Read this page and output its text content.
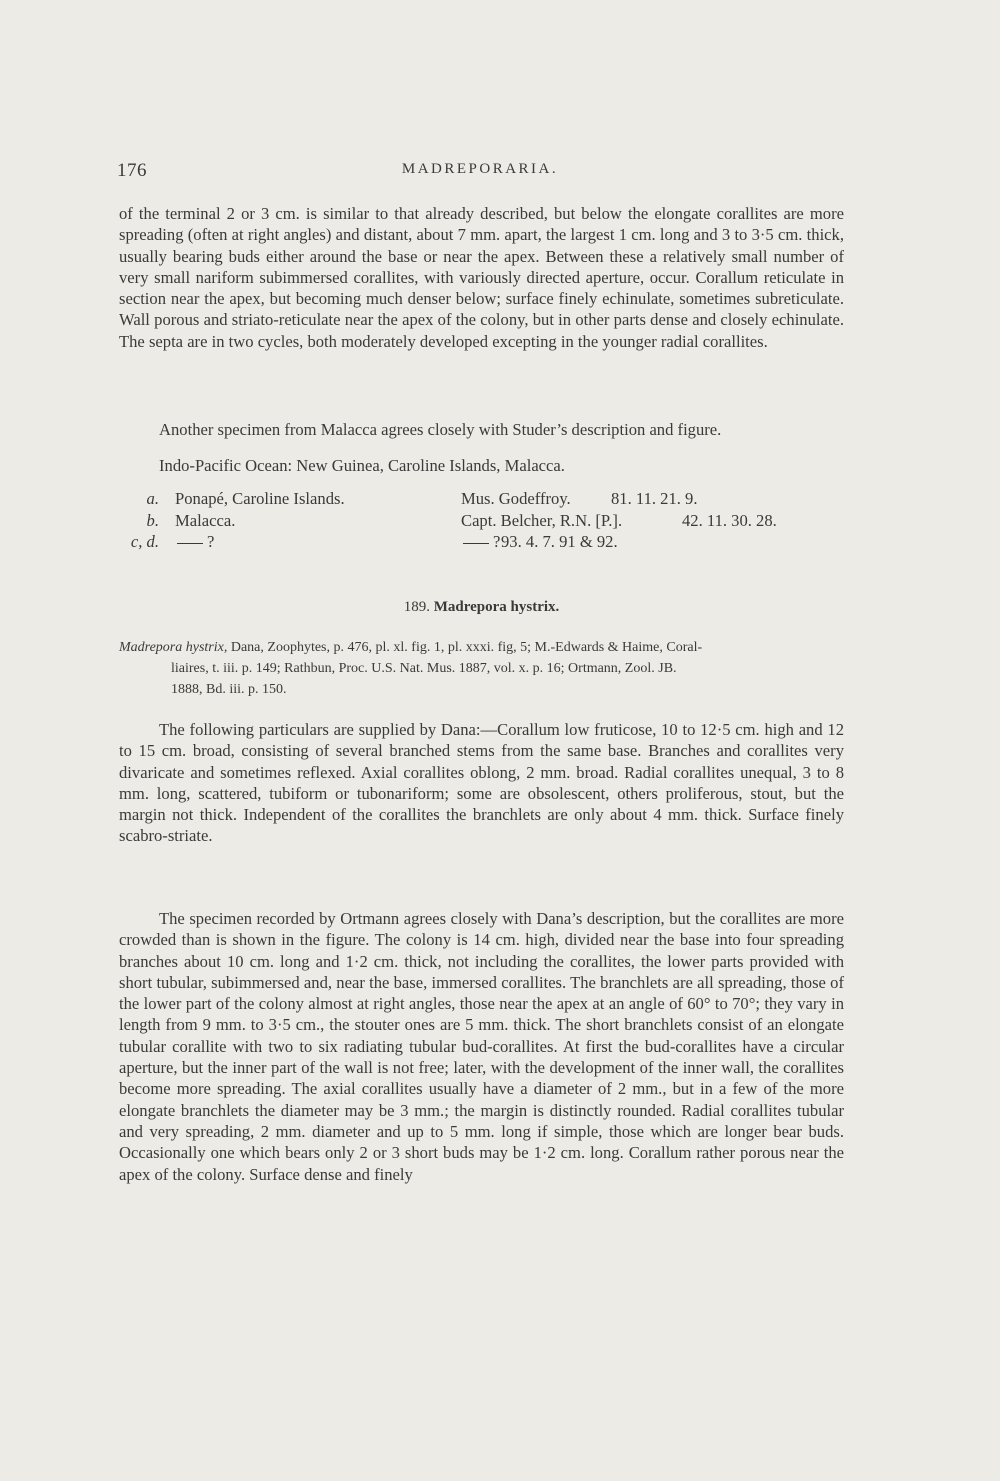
176	MADREPORARIA.

of the terminal 2 or 3 cm. is similar to that already described, but below the elongate corallites are more spreading (often at right angles) and distant, about 7 mm. apart, the largest 1 cm. long and 3 to 3·5 cm. thick, usually bearing buds either around the base or near the apex. Between these a relatively small number of very small nariform subimmersed corallites, with variously directed aperture, occur. Corallum reticulate in section near the apex, but becoming much denser below; surface finely echinulate, sometimes subreticulate. Wall porous and striato-reticulate near the apex of the colony, but in other parts dense and closely echinulate. The septa are in two cycles, both moderately developed excepting in the younger radial corallites.

Another specimen from Malacca agrees closely with Studer’s description and figure.

Indo-Pacific Ocean: New Guinea, Caroline Islands, Malacca.

a. Ponapé, Caroline Islands.	Mus. Godeffroy. 81. 11. 21. 9.
b. Malacca.	Capt. Belcher, R.N. [P.].	42. 11. 30. 28.
c, d.	?	? 93. 4. 7. 91 & 92.
189. Madrepora hystrix.
Madrepora hystrix, Dana, Zoophytes, p. 476, pl. xl. fig. 1, pl. xxxi. fig, 5; M.-Edwards & Haime, Coral-
liaires, t. iii. p. 149; Rathbun, Proc. U.S. Nat. Mus. 1887, vol. x. p. 16; Ortmann, Zool. JB.
1888, Bd. iii. p. 150.

The following particulars are supplied by Dana:—Corallum low fruticose, 10 to 12·5 cm. high and 12 to 15 cm. broad, consisting of several branched stems from the same base. Branches and corallites very divaricate and sometimes reflexed. Axial corallites oblong, 2 mm. broad. Radial corallites unequal, 3 to 8 mm. long, scattered, tubiform or tubonariform; some are obsolescent, others proliferous, stout, but the margin not thick. Independent of the corallites the branchlets are only about 4 mm. thick. Surface finely scabro-striate.

The specimen recorded by Ortmann agrees closely with Dana’s description, but the corallites are more crowded than is shown in the figure. The colony is 14 cm. high, divided near the base into four spreading branches about 10 cm. long and 1·2 cm. thick, not including the corallites, the lower parts provided with short tubular, subimmersed and, near the base, immersed corallites. The branchlets are all spreading, those of the lower part of the colony almost at right angles, those near the apex at an angle of 60° to 70°; they vary in length from 9 mm. to 3·5 cm., the stouter ones are 5 mm. thick. The short branchlets consist of an elongate tubular corallite with two to six radiating tubular bud-corallites. At first the bud-corallites have a circular aperture, but the inner part of the wall is not free; later, with the development of the inner wall, the corallites become more spreading. The axial corallites usually have a diameter of 2 mm., but in a few of the more elongate branchlets the diameter may be 3 mm.; the margin is distinctly rounded. Radial corallites tubular and very spreading, 2 mm. diameter and up to 5 mm. long if simple, those which are longer bear buds. Occasionally one which bears only 2 or 3 short buds may be 1·2 cm. long. Corallum rather porous near the apex of the colony. Surface dense and finely
